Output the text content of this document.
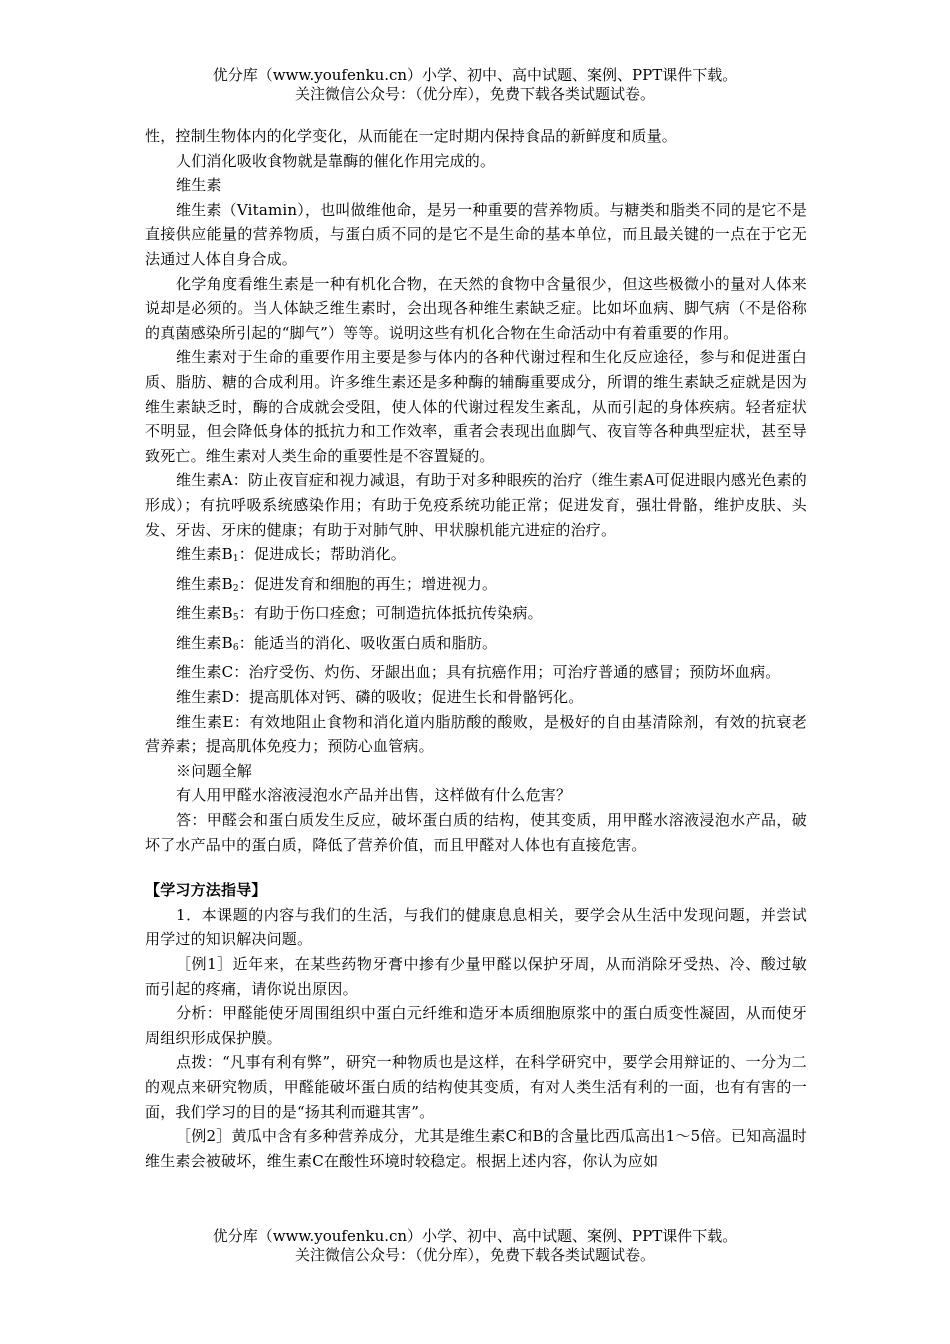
优分库（www.youfenku.cn）小学、初中、高中试题、案例、PPT课件下载。
关注微信公众号：（优分库），免费下载各类试题试卷。

性，控制生物体内的化学变化，从而能在一定时期内保持食品的新鲜度和质量。

人们消化吸收食物就是靠酶的催化作用完成的。

维生素

维生素（Vitamin），也叫做维他命，是另一种重要的营养物质。与糖类和脂类不同的是它不是直接供应能量的营养物质，与蛋白质不同的是它不是生命的基本单位，而且最关键的一点在于它无法通过人体自身合成。

化学角度看维生素是一种有机化合物，在天然的食物中含量很少，但这些极微小的量对人体来说却是必须的。当人体缺乏维生素时，会出现各种维生素缺乏症。比如坏血病、脚气病（不是俗称的真菌感染所引起的“脚气”）等等。说明这些有机化合物在生命活动中有着重要的作用。

维生素对于生命的重要作用主要是参与体内的各种代谢过程和生化反应途径，参与和促进蛋白质、脂肪、糖的合成利用。许多维生素还是多种酶的辅酶重要成分，所谓的维生素缺乏症就是因为维生素缺乏时，酶的合成就会受阻，使人体的代谢过程发生紊乱，从而引起的身体疾病。轻者症状不明显，但会降低身体的抵抗力和工作效率，重者会表现出血脚气、夜盲等各种典型症状，甚至导致死亡。维生素对人类生命的重要性是不容置疑的。

维生素A：防止夜盲症和视力减退，有助于对多种眼疾的治疗（维生素A可促进眼内感光色素的形成）；有抗呼吸系统感染作用；有助于免疫系统功能正常；促进发育，强壮骨骼，维护皮肤、头发、牙齿、牙床的健康；有助于对肺气肿、甲状腺机能亢进症的治疗。

维生素$B_1$：促进成长；帮助消化。

维生素$B_2$：促进发育和细胞的再生；增进视力。

维生素$B_5$：有助于伤口痊愈；可制造抗体抵抗传染病。

维生素$B_6$：能适当的消化、吸收蛋白质和脂肪。

维生素C：治疗受伤、灼伤、牙龈出血；具有抗癌作用；可治疗普通的感冒；预防坏血病。

维生素D：提高肌体对钙、磷的吸收；促进生长和骨骼钙化。

维生素E：有效地阻止食物和消化道内脂肪酸的酸败，是极好的自由基清除剂，有效的抗衰老营养素；提高肌体免疫力；预防心血管病。

※问题全解

有人用甲醛水溶液浸泡水产品并出售，这样做有什么危害？

答：甲醛会和蛋白质发生反应，破坏蛋白质的结构，使其变质，用甲醛水溶液浸泡水产品，破坏了水产品中的蛋白质，降低了营养价值，而且甲醛对人体也有直接危害。

【学习方法指导】

1．本课题的内容与我们的生活，与我们的健康息息相关，要学会从生活中发现问题，并尝试用学过的知识解决问题。

［例1］近年来，在某些药物牙膏中掺有少量甲醛以保护牙周，从而消除牙受热、冷、酸过敏而引起的疼痛，请你说出原因。

分析：甲醛能使牙周围组织中蛋白元纤维和造牙本质细胞原浆中的蛋白质变性凝固，从而使牙周组织形成保护膜。

点拨：“凡事有利有弊”，研究一种物质也是这样，在科学研究中，要学会用辩证的、一分为二的观点来研究物质，甲醛能破坏蛋白质的结构使其变质，有对人类生活有利的一面，也有有害的一面，我们学习的目的是“扬其利而避其害”。

［例2］黄瓜中含有多种营养成分，尤其是维生素C和B的含量比西瓜高出1～5倍。已知高温时维生素会被破坏，维生素C在酸性环境时较稳定。根据上述内容，你认为应如

优分库（www.youfenku.cn）小学、初中、高中试题、案例、PPT课件下载。
关注微信公众号：（优分库），免费下载各类试题试卷。
